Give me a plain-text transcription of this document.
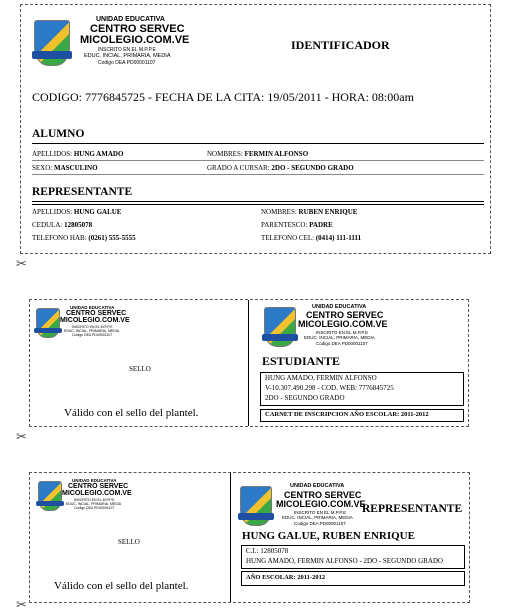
UNIDAD EDUCATIVA
CENTRO SERVEC
MICOLEGIO.COM.VE
INSCRITO EN EL M.P.P.E
EDUC. INCIAL, PRIMARIA, MEDIA
Codigo DEA PD00001107
IDENTIFICADOR
CODIGO: 7776845725 - FECHA DE LA CITA: 19/05/2011 - HORA: 08:00am
ALUMNO
APELLIDOS: HUNG AMADO	NOMBRES: FERMIN ALFONSO
SEXO: MASCULINO	GRADO A CURSAR: 2DO - SEGUNDO GRADO
REPRESENTANTE
APELLIDOS: HUNG GALUE	NOMBRES: RUBEN ENRIQUE
CEDULA: 12805078	PARENTESCO: PADRE
TELEFONO HAB: (0261) 555-5555	TELEFONO CEL: (0414) 111-1111
✂
UNIDAD EDUCATIVA
CENTRO SERVEC
MICOLEGIO.COM.VE
INSCRITO EN EL M.P.P.E
EDUC. INCIAL, PRIMARIA, MEDIA
Codigo DEA PD00001107
SELLO
Válido con el sello del plantel.
UNIDAD EDUCATIVA
CENTRO SERVEC
MICOLEGIO.COM.VE
INSCRITO EN EL M.P.P.E
EDUC. INCIAL, PRIMARIA, MEDIA
Codigo DEA PD00001107
ESTUDIANTE
HUNG AMADO, FERMIN ALFONSO
V-10.307.490.298 - COD. WEB: 7776845725
2DO - SEGUNDO GRADO
CARNET DE INSCRIPCION AÑO ESCOLAR: 2011-2012
✂
UNIDAD EDUCATIVA
CENTRO SERVEC
MICOLEGIO.COM.VE
INSCRITO EN EL M.P.P.E
EDUC. INCIAL, PRIMARIA, MEDIA
Codigo DEA PD00001107
SELLO
Válido con el sello del plantel.
UNIDAD EDUCATIVA
CENTRO SERVEC
MICOLEGIO.COM.VE
INSCRITO EN EL M.P.P.E
EDUC. INCIAL, PRIMARIA, MEDIA
Codigo DEA PD00001107
REPRESENTANTE
HUNG GALUE, RUBEN ENRIQUE
C.I.: 12805078
HUNG AMADO, FERMIN ALFONSO - 2DO - SEGUNDO GRADO
AÑO ESCOLAR: 2011-2012
✂
